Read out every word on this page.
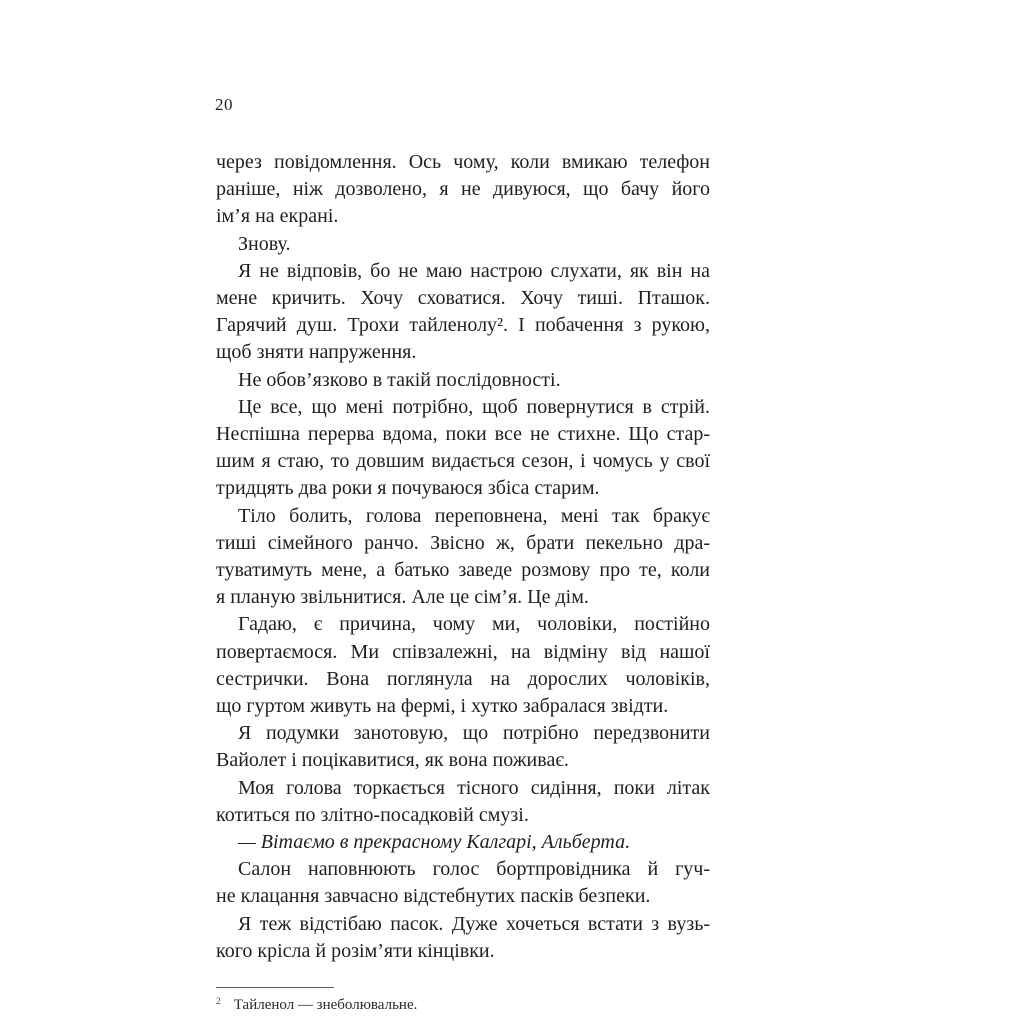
20
через повідомлення. Ось чому, коли вмикаю телефон
раніше, ніж дозволено, я не дивуюся, що бачу його
ім’я на екрані.
Знову.
Я не відповів, бо не маю настрою слухати, як він на
мене кричить. Хочу сховатися. Хочу тиші. Пташок.
Гарячий душ. Трохи тайленолу². І побачення з рукою,
щоб зняти напруження.
Не обов’язково в такій послідовності.
Це все, що мені потрібно, щоб повернутися в стрій.
Неспішна перерва вдома, поки все не стихне. Що стар-
шим я стаю, то довшим видається сезон, і чомусь у свої
тридцять два роки я почуваюся збіса старим.
Тіло болить, голова переповнена, мені так бракує
тиші сімейного ранчо. Звісно ж, брати пекельно дра-
туватимуть мене, а батько заведе розмову про те, коли
я планую звільнитися. Але це сім’я. Це дім.
Гадаю, є причина, чому ми, чоловіки, постійно
повертаємося. Ми співзалежні, на відміну від нашої
сестрички. Вона поглянула на дорослих чоловіків,
що гуртом живуть на фермі, і хутко забралася звідти.
Я подумки занотовую, що потрібно передзвонити
Вайолет і поцікавитися, як вона поживає.
Моя голова торкається тісного сидіння, поки літак
котиться по злітно-посадковій смузі.
— Вітаємо в прекрасному Калгарі, Альберта.
Салон наповнюють голос бортпровідника й гуч-
не клацання завчасно відстебнутих пасків безпеки.
Я теж відстібаю пасок. Дуже хочеться встати з вузь-
кого крісла й розім’яти кінцівки.
$^2$ Тайленол — знеболювальне.
